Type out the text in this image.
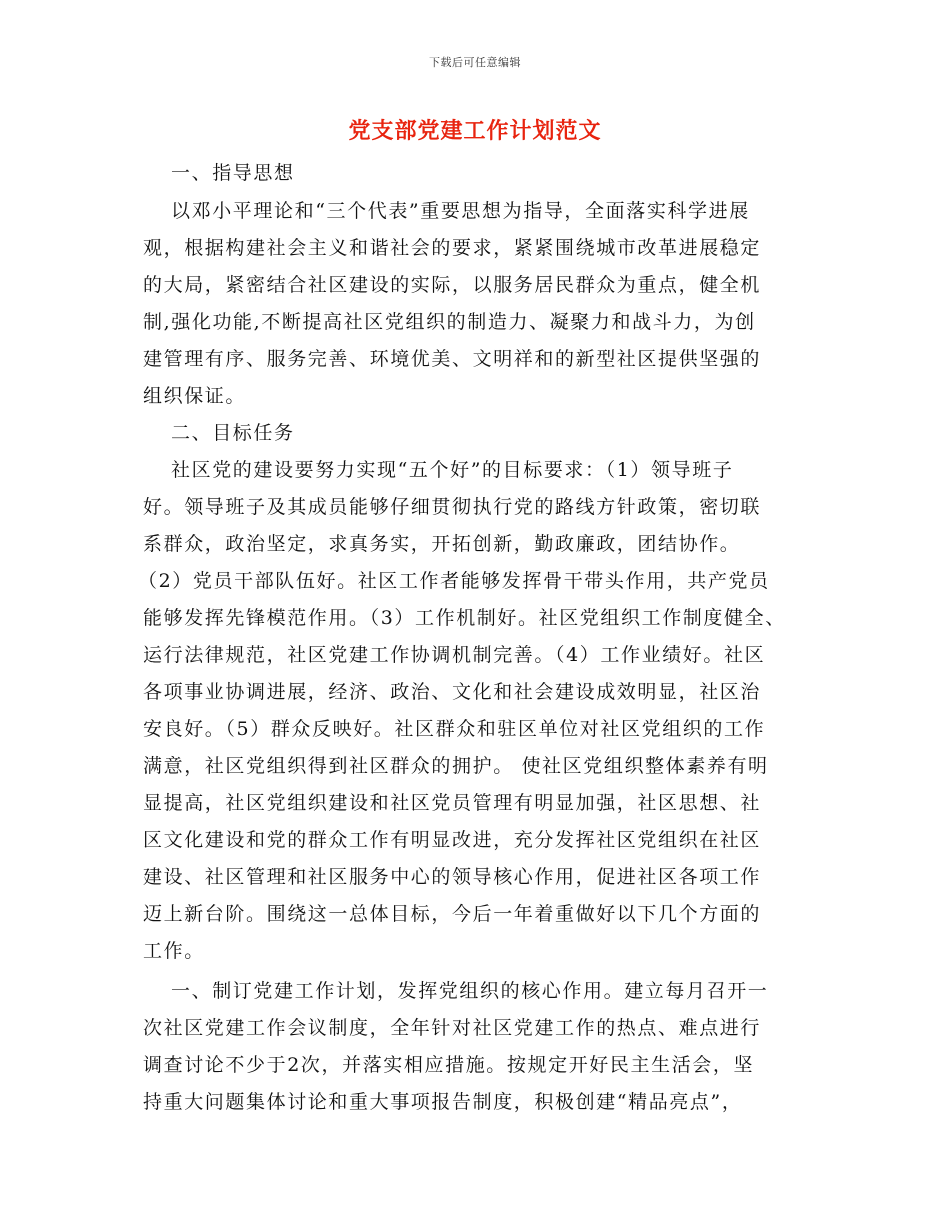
下载后可任意编辑
党支部党建工作计划范文
一、指导思想
以邓小平理论和“三个代表”重要思想为指导，全面落实科学进展
观，根据构建社会主义和谐社会的要求，紧紧围绕城市改革进展稳定
的大局，紧密结合社区建设的实际，以服务居民群众为重点，健全机
制,强化功能,不断提高社区党组织的制造力、凝聚力和战斗力，为创
建管理有序、服务完善、环境优美、文明祥和的新型社区提供坚强的
组织保证。
二、目标任务
社区党的建设要努力实现“五个好”的目标要求：（1）领导班子
好。领导班子及其成员能够仔细贯彻执行党的路线方针政策，密切联
系群众，政治坚定，求真务实，开拓创新，勤政廉政，团结协作。
（2）党员干部队伍好。社区工作者能够发挥骨干带头作用，共产党员
能够发挥先锋模范作用。（3）工作机制好。社区党组织工作制度健全、
运行法律规范，社区党建工作协调机制完善。（4）工作业绩好。社区
各项事业协调进展，经济、政治、文化和社会建设成效明显，社区治
安良好。（5）群众反映好。社区群众和驻区单位对社区党组织的工作
满意，社区党组织得到社区群众的拥护。 使社区党组织整体素养有明
显提高，社区党组织建设和社区党员管理有明显加强，社区思想、社
区文化建设和党的群众工作有明显改进，充分发挥社区党组织在社区
建设、社区管理和社区服务中心的领导核心作用，促进社区各项工作
迈上新台阶。围绕这一总体目标，今后一年着重做好以下几个方面的
工作。
一、制订党建工作计划，发挥党组织的核心作用。建立每月召开一
次社区党建工作会议制度，全年针对社区党建工作的热点、难点进行
调查讨论不少于2次，并落实相应措施。按规定开好民主生活会，坚
持重大问题集体讨论和重大事项报告制度，积极创建“精品亮点”，
